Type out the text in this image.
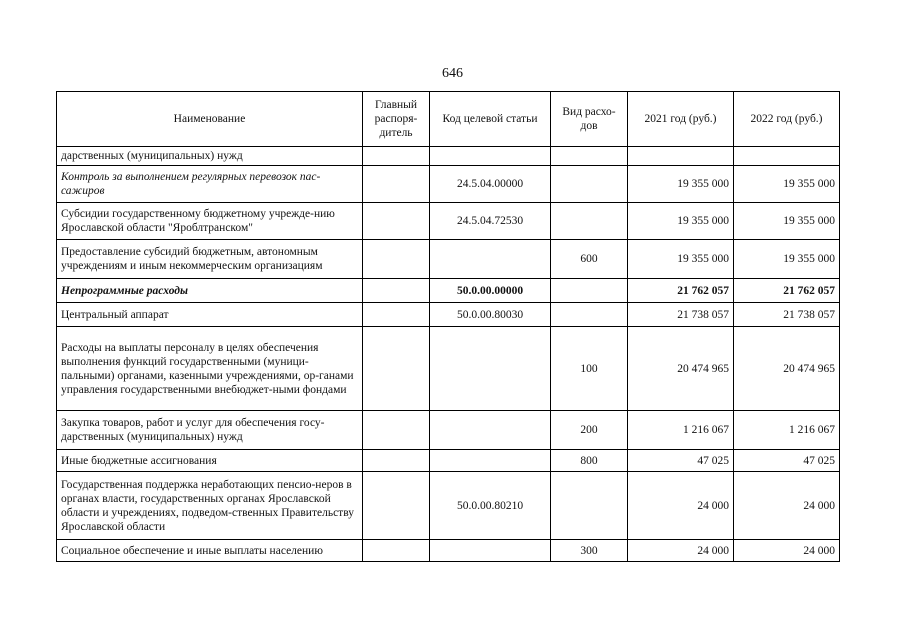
646
Наименование	Главный распоря-дитель	Код целевой статьи	Вид расхо-дов	2021 год (руб.)	2022 год (руб.)
дарственных (муниципальных) нужд					
Контроль за выполнением регулярных перевозок пас-сажиров		24.5.04.00000		19 355 000	19 355 000
Субсидии государственному бюджетному учрежде-нию Ярославской области "Яроблтранском"		24.5.04.72530		19 355 000	19 355 000
Предоставление субсидий бюджетным, автономным учреждениям и иным некоммерческим организациям			600	19 355 000	19 355 000
Непрограммные расходы		50.0.00.00000		21 762 057	21 762 057
Центральный аппарат		50.0.00.80030		21 738 057	21 738 057
Расходы на выплаты персоналу в целях обеспечения выполнения функций государственными (муници-пальными) органами, казенными учреждениями, ор-ганами управления государственными внебюджет-ными фондами			100	20 474 965	20 474 965
Закупка товаров, работ и услуг для обеспечения госу-дарственных (муниципальных) нужд			200	1 216 067	1 216 067
Иные бюджетные ассигнования			800	47 025	47 025
Государственная поддержка неработающих пенсио-неров в органах власти, государственных органах Ярославской области и учреждениях, подведом-ственных Правительству Ярославской области		50.0.00.80210		24 000	24 000
Социальное обеспечение и иные выплаты населению			300	24 000	24 000
